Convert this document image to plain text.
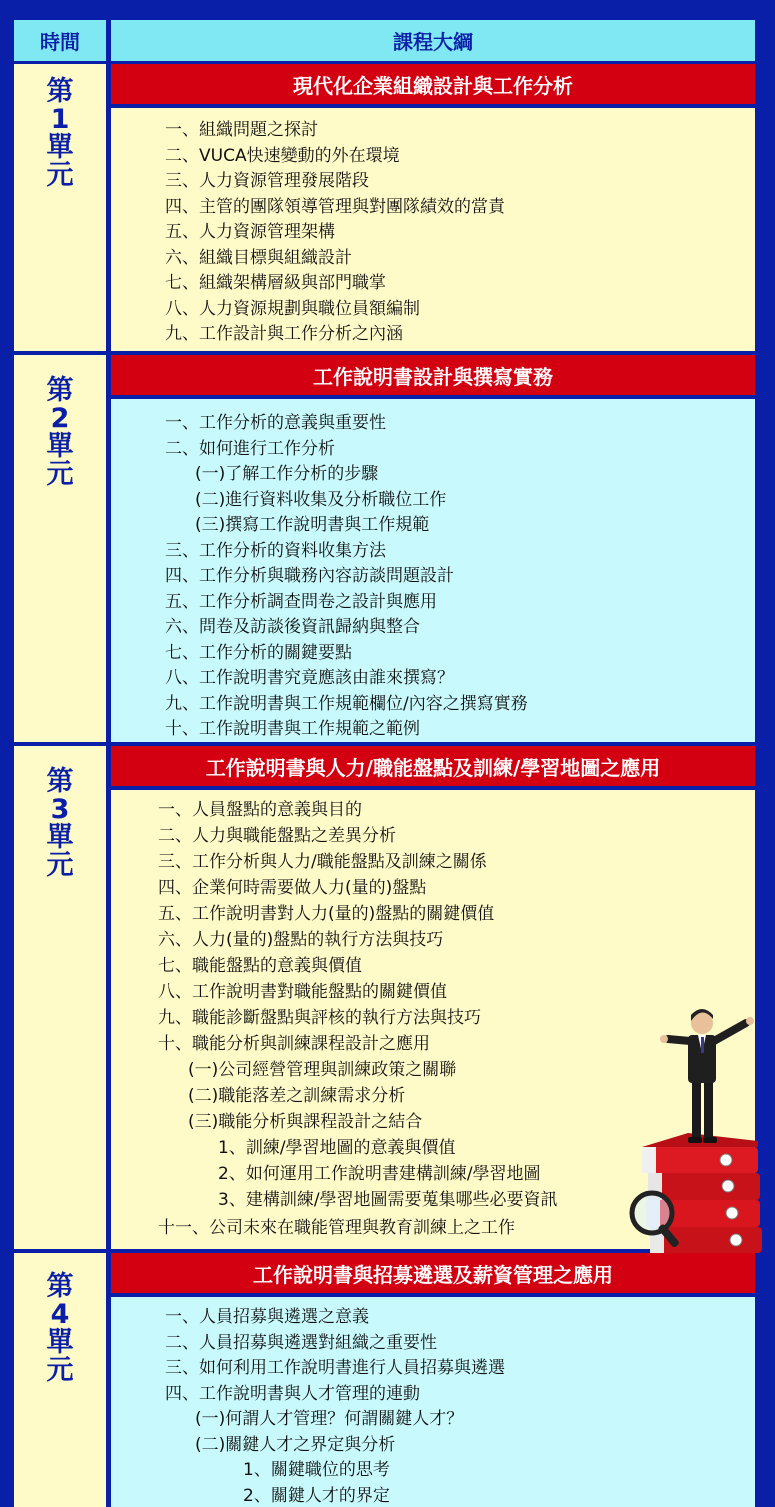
時間	課程大綱
第
1
單
元
現代化企業組織設計與工作分析
一、組織問題之探討
二、VUCA快速變動的外在環境
三、人力資源管理發展階段
四、主管的團隊領導管理與對團隊績效的當責
五、人力資源管理架構
六、組織目標與組織設計
七、組織架構層級與部門職掌
八、人力資源規劃與職位員額編制
九、工作設計與工作分析之內涵
第
2
單
元
工作說明書設計與撰寫實務
一、工作分析的意義與重要性
二、如何進行工作分析
(一)了解工作分析的步驟
(二)進行資料收集及分析職位工作
(三)撰寫工作說明書與工作規範
三、工作分析的資料收集方法
四、工作分析與職務內容訪談問題設計
五、工作分析調查問卷之設計與應用
六、問卷及訪談後資訊歸納與整合
七、工作分析的關鍵要點
八、工作說明書究竟應該由誰來撰寫？
九、工作說明書與工作規範欄位/內容之撰寫實務
十、工作說明書與工作規範之範例
第
3
單
元
工作說明書與人力/職能盤點及訓練/學習地圖之應用
一、人員盤點的意義與目的
二、人力與職能盤點之差異分析
三、工作分析與人力/職能盤點及訓練之關係
四、企業何時需要做人力(量的)盤點
五、工作說明書對人力(量的)盤點的關鍵價值
六、人力(量的)盤點的執行方法與技巧
七、職能盤點的意義與價值
八、工作說明書對職能盤點的關鍵價值
九、職能診斷盤點與評核的執行方法與技巧
十、職能分析與訓練課程設計之應用
(一)公司經營管理與訓練政策之關聯
(二)職能落差之訓練需求分析
(三)職能分析與課程設計之結合
1、訓練/學習地圖的意義與價值
2、如何運用工作說明書建構訓練/學習地圖
3、建構訓練/學習地圖需要蒐集哪些必要資訊
十一、公司未來在職能管理與教育訓練上之工作
第
4
單
元
工作說明書與招募遴選及薪資管理之應用
一、人員招募與遴選之意義
二、人員招募與遴選對組織之重要性
三、如何利用工作說明書進行人員招募與遴選
四、工作說明書與人才管理的連動
(一)何謂人才管理？何謂關鍵人才？
(二)關鍵人才之界定與分析
1、關鍵職位的思考
2、關鍵人才的界定
